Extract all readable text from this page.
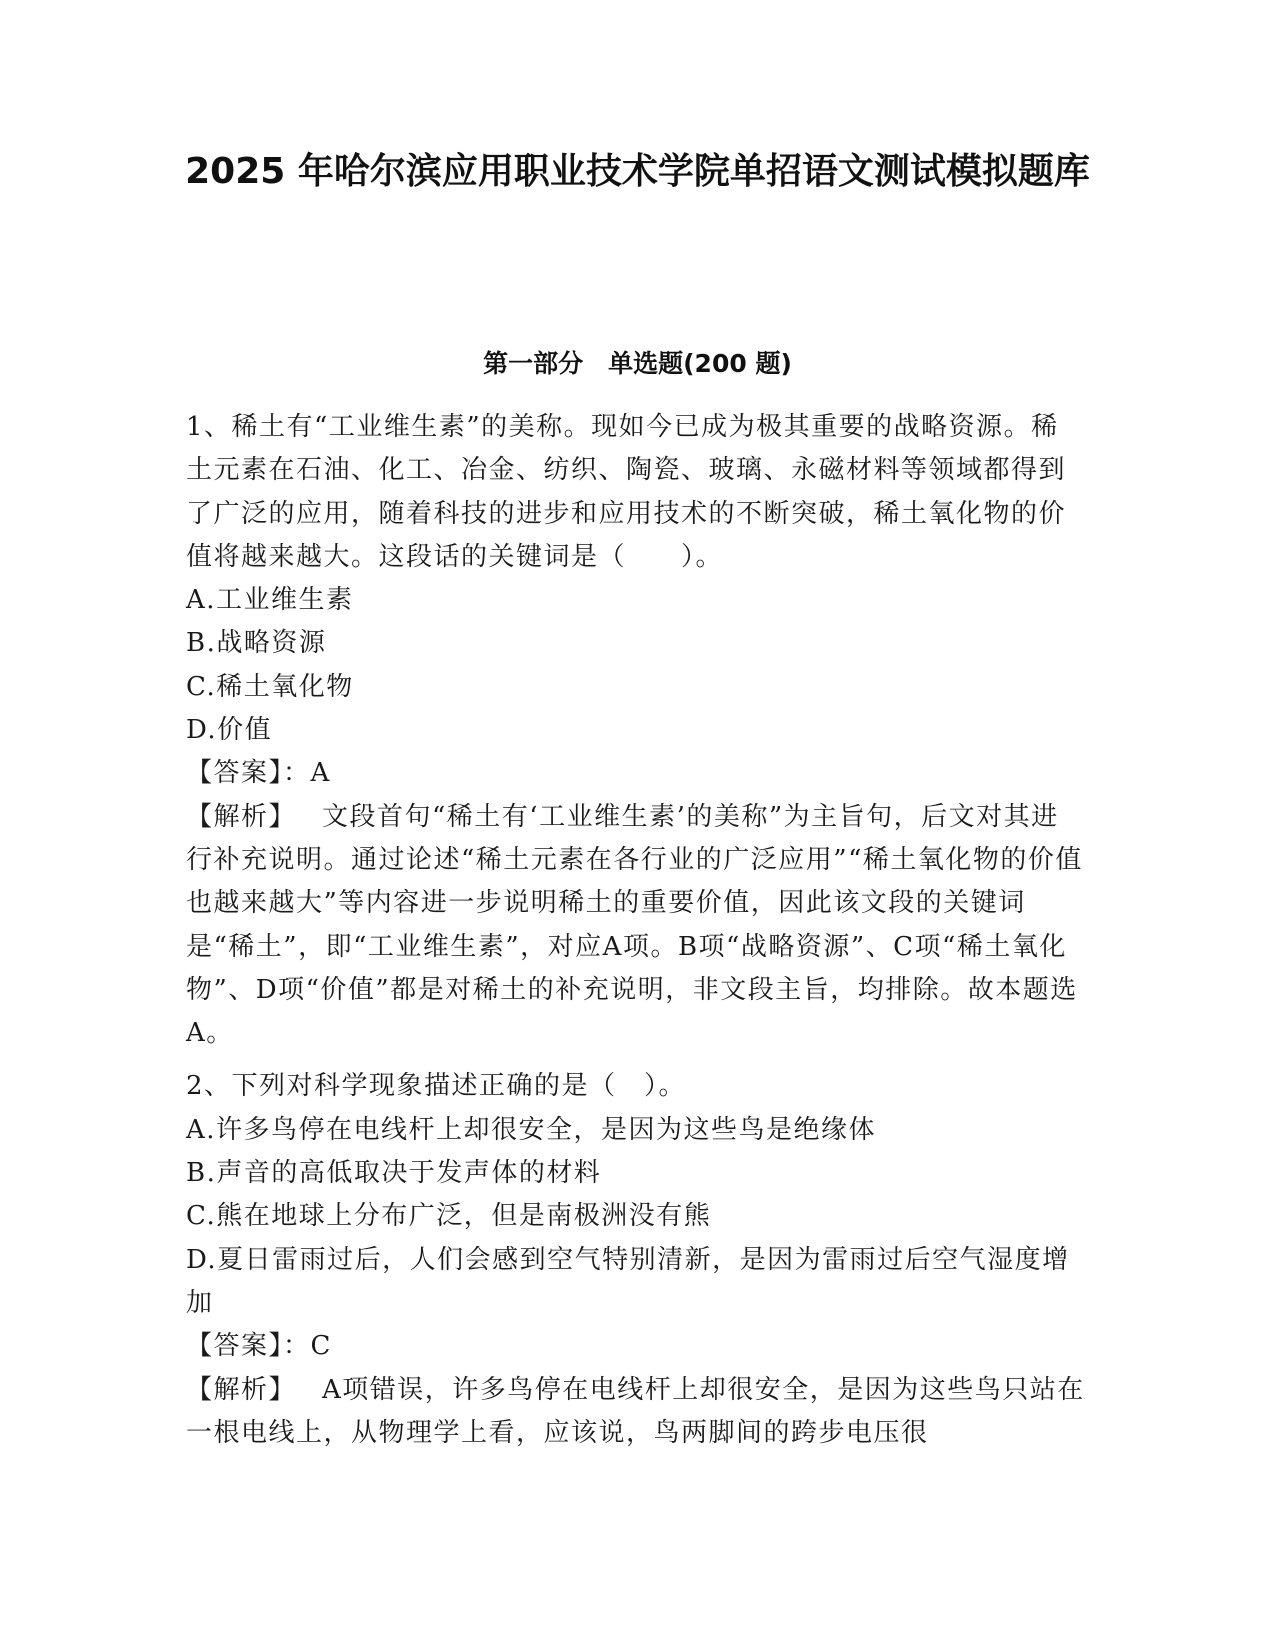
2025 年哈尔滨应用职业技术学院单招语文测试模拟题库
第一部分　单选题(200 题)

1、稀土有“工业维生素”的美称。现如今已成为极其重要的战略资源。稀土元素在石油、化工、冶金、纺织、陶瓷、玻璃、永磁材料等领域都得到了广泛的应用，随着科技的进步和应用技术的不断突破，稀土氧化物的价值将越来越大。这段话的关键词是（　　）。

A.工业维生素

B.战略资源

C.稀土氧化物

D.价值

【答案】：A

【解析】 文段首句“稀土有‘工业维生素’的美称”为主旨句，后文对其进行补充说明。通过论述“稀土元素在各行业的广泛应用”“稀土氧化物的价值也越来越大”等内容进一步说明稀土的重要价值，因此该文段的关键词是“稀土”，即“工业维生素”，对应A项。B项“战略资源”、C项“稀土氧化物”、D项“价值”都是对稀土的补充说明，非文段主旨，均排除。故本题选A。

2、下列对科学现象描述正确的是（　）。

A.许多鸟停在电线杆上却很安全，是因为这些鸟是绝缘体

B.声音的高低取决于发声体的材料

C.熊在地球上分布广泛，但是南极洲没有熊

D.夏日雷雨过后，人们会感到空气特别清新，是因为雷雨过后空气湿度增加

【答案】：C

【解析】 A项错误，许多鸟停在电线杆上却很安全，是因为这些鸟只站在一根电线上，从物理学上看，应该说，鸟两脚间的跨步电压很
